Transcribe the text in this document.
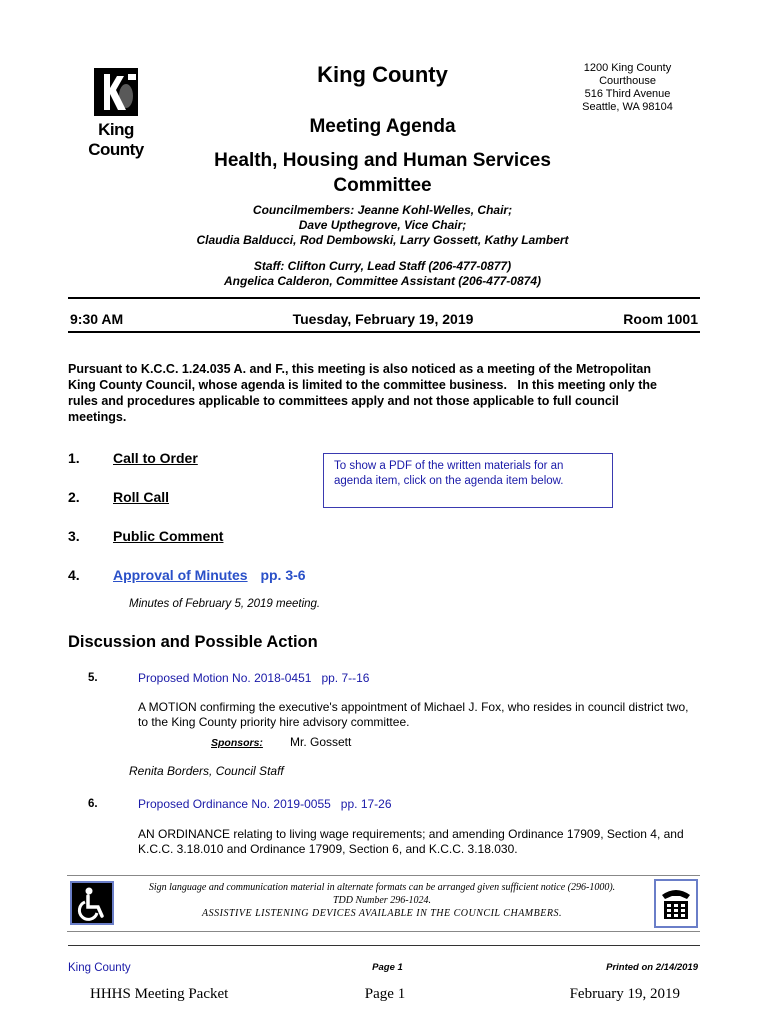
King County
King County	1200 King County
Courthouse
516 Third Avenue
Seattle, WA 98104
Meeting Agenda
Health, Housing and Human Services
Committee
Councilmembers: Jeanne Kohl-Welles, Chair;
Dave Upthegrove, Vice Chair;
Claudia Balducci, Rod Dembowski, Larry Gossett, Kathy Lambert
Staff: Clifton Curry, Lead Staff (206-477-0877)
Angelica Calderon, Committee Assistant (206-477-0874)
9:30 AM	Tuesday, February 19, 2019	Room 1001
Pursuant to K.C.C. 1.24.035 A. and F., this meeting is also noticed as a meeting of the Metropolitan
King County Council, whose agenda is limited to the committee business.   In this meeting only the
rules and procedures applicable to committees apply and not those applicable to full council
meetings.
To show a PDF of the written materials for an
agenda item, click on the agenda item below.
1. Call to Order
2. Roll Call
3. Public Comment
4. Approval of Minutes pp. 3-6
Minutes of February 5, 2019 meeting.
Discussion and Possible Action
5.	Proposed Motion No. 2018-0451   pp. 7--16
A MOTION confirming the executive's appointment of Michael J. Fox, who resides in council district two,
to the King County priority hire advisory committee.
Sponsors: Mr. Gossett
Renita Borders, Council Staff
6.	Proposed Ordinance No. 2019-0055   pp. 17-26
AN ORDINANCE relating to living wage requirements; and amending Ordinance 17909, Section 4, and
K.C.C. 3.18.010 and Ordinance 17909, Section 6, and K.C.C. 3.18.030.
Sign language and communication material in alternate formats can be arranged given sufficient notice (296-1000).
TDD Number 296-1024.
ASSISTIVE LISTENING DEVICES AVAILABLE IN THE COUNCIL CHAMBERS.
King County	Page 1	Printed on 2/14/2019
HHHS Meeting Packet	Page 1	February 19, 2019
